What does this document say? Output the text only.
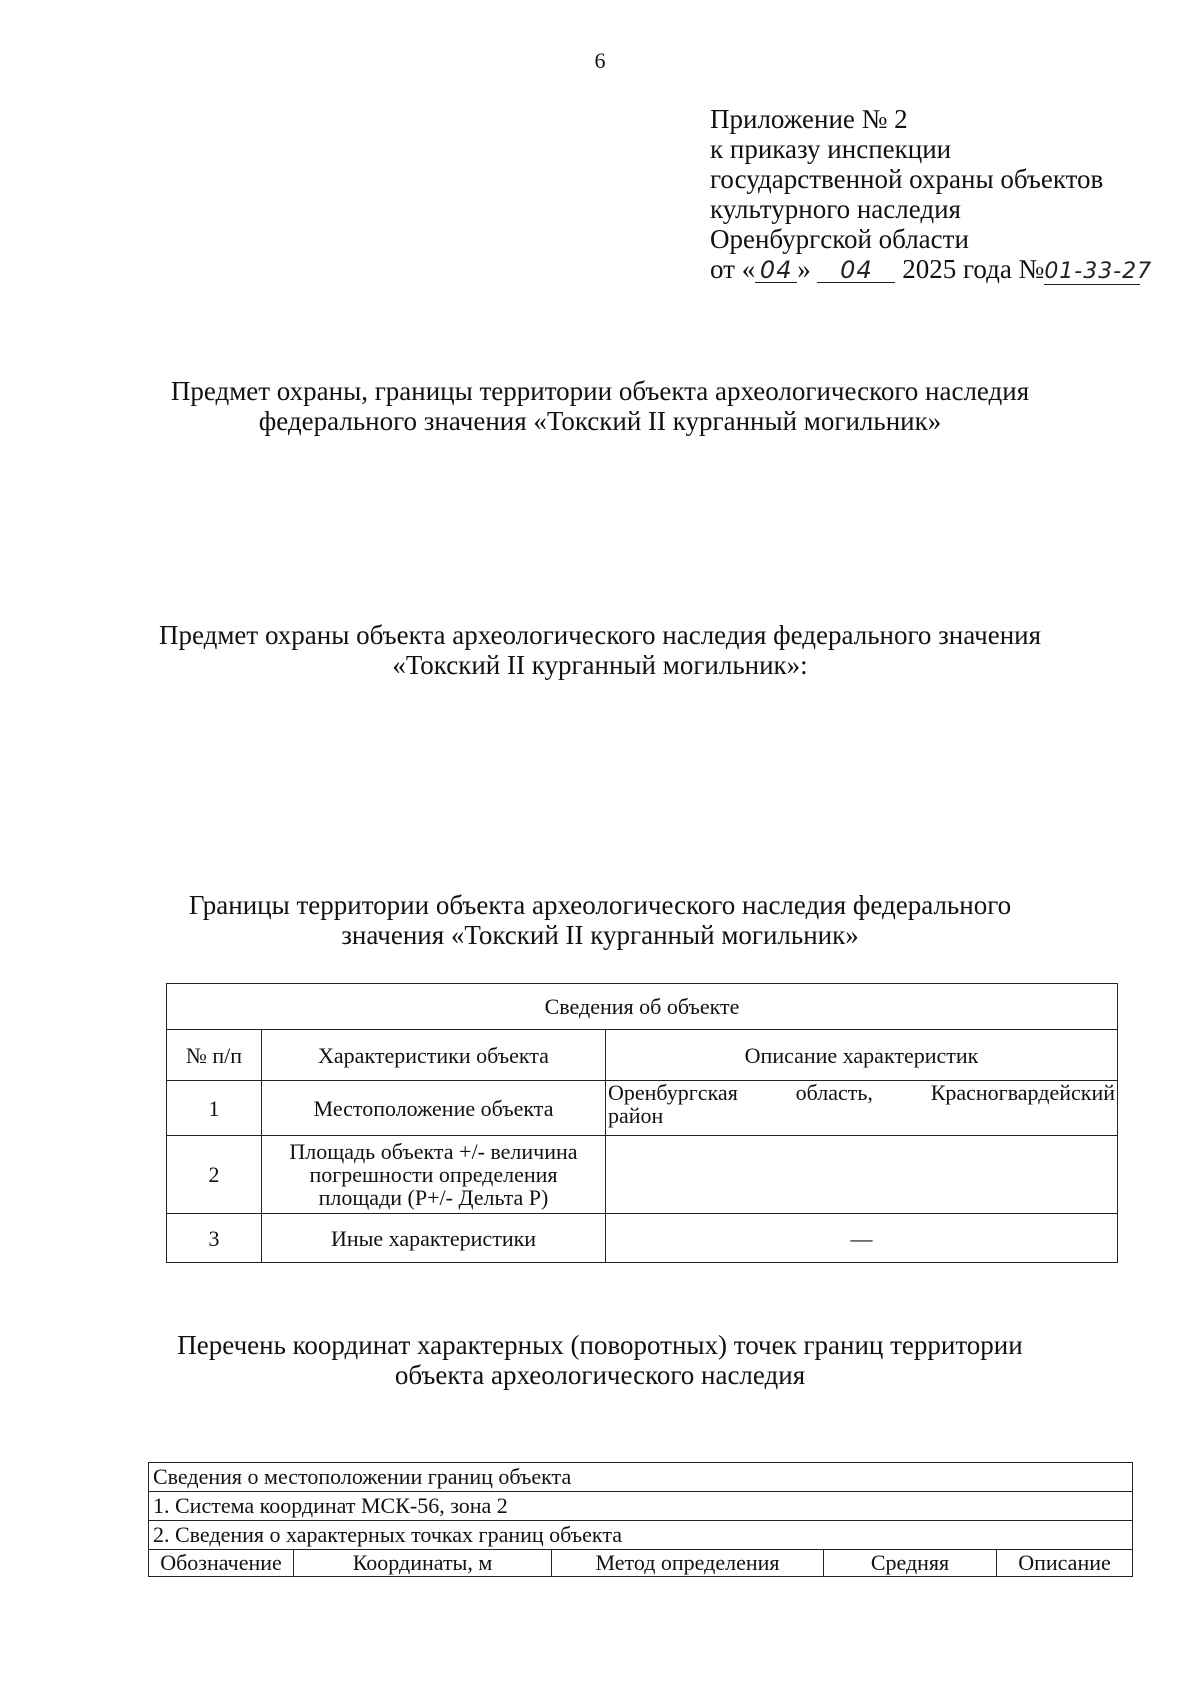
6
Приложение № 2
к приказу инспекции
государственной охраны объектов
культурного наследия
Оренбургской области
от « 04 » 04 2025 года №01-33-27
Предмет охраны, границы территории объекта археологического наследия
федерального значения «Токский II курганный могильник»
Предмет охраны объекта археологического наследия федерального значения
«Токский II курганный могильник»:
Границы территории объекта археологического наследия федерального
значения «Токский II курганный могильник»
Сведения об объекте		
№ п/п	Характеристики объекта	Описание характеристик
1	Местоположение объекта	Оренбургская область, Красногвардейский
район

2	Площадь объекта +/- величина
погрешности определения
площади (Р+/- Дельта Р)	

3	Иные характеристики	—
Перечень координат характерных (поворотных) точек границ территории
объекта археологического наследия
Сведения о местоположении границ объекта
1. Система координат МСК-56, зона 2
2. Сведения о характерных точках границ объекта
Обозначение	Координаты, м	Метод определения	Средняя	Описание
